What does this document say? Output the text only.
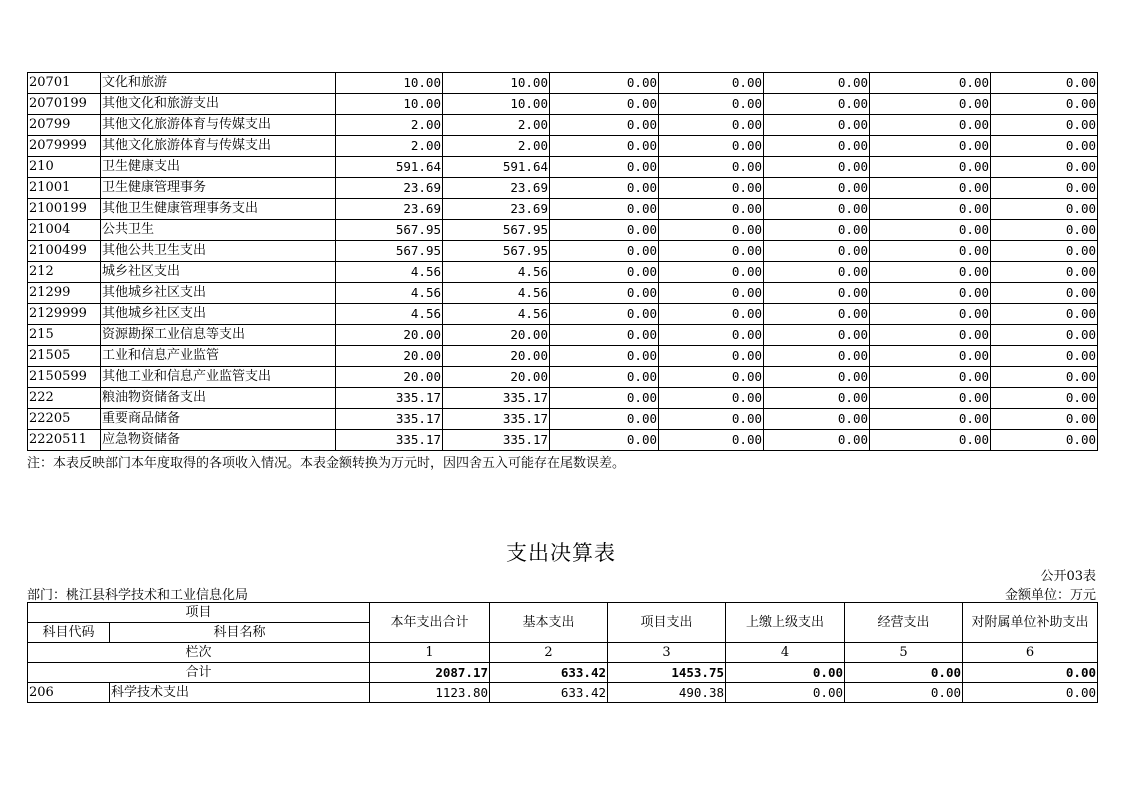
20701	文化和旅游	10.00	10.00	0.00	0.00	0.00	0.00	0.00
2070199	其他文化和旅游支出	10.00	10.00	0.00	0.00	0.00	0.00	0.00
20799	其他文化旅游体育与传媒支出	2.00	2.00	0.00	0.00	0.00	0.00	0.00
2079999	其他文化旅游体育与传媒支出	2.00	2.00	0.00	0.00	0.00	0.00	0.00
210	卫生健康支出	591.64	591.64	0.00	0.00	0.00	0.00	0.00
21001	卫生健康管理事务	23.69	23.69	0.00	0.00	0.00	0.00	0.00
2100199	其他卫生健康管理事务支出	23.69	23.69	0.00	0.00	0.00	0.00	0.00
21004	公共卫生	567.95	567.95	0.00	0.00	0.00	0.00	0.00
2100499	其他公共卫生支出	567.95	567.95	0.00	0.00	0.00	0.00	0.00
212	城乡社区支出	4.56	4.56	0.00	0.00	0.00	0.00	0.00
21299	其他城乡社区支出	4.56	4.56	0.00	0.00	0.00	0.00	0.00
2129999	其他城乡社区支出	4.56	4.56	0.00	0.00	0.00	0.00	0.00
215	资源勘探工业信息等支出	20.00	20.00	0.00	0.00	0.00	0.00	0.00
21505	工业和信息产业监管	20.00	20.00	0.00	0.00	0.00	0.00	0.00
2150599	其他工业和信息产业监管支出	20.00	20.00	0.00	0.00	0.00	0.00	0.00
222	粮油物资储备支出	335.17	335.17	0.00	0.00	0.00	0.00	0.00
22205	重要商品储备	335.17	335.17	0.00	0.00	0.00	0.00	0.00
2220511	应急物资储备	335.17	335.17	0.00	0.00	0.00	0.00	0.00
注：本表反映部门本年度取得的各项收入情况。本表金额转换为万元时，因四舍五入可能存在尾数误差。
支出决算表
公开03表
部门：桃江县科学技术和工业信息化局	金额单位：万元
项目		本年支出合计	基本支出	项目支出	上缴上级支出	经营支出	对附属单位补助支出
科目代码	科目名称						
栏次		1	2	3	4	5	6
合计		2087.17	633.42	1453.75	0.00	0.00	0.00
206	科学技术支出	1123.80	633.42	490.38	0.00	0.00	0.00
